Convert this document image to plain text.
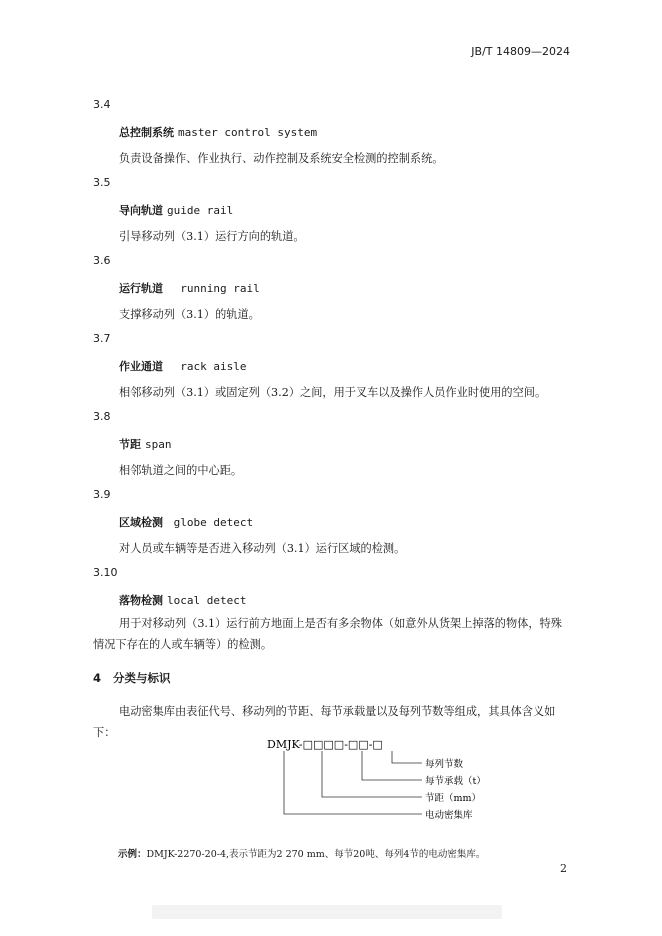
JB/T 14809—2024
3.4
总控制系统 master control system
负责设备操作、作业执行、动作控制及系统安全检测的控制系统。
3.5
导向轨道 guide rail
引导移动列（3.1）运行方向的轨道。
3.6
运行轨道  running rail
支撑移动列（3.1）的轨道。
3.7
作业通道  rack aisle
相邻移动列（3.1）或固定列（3.2）之间，用于叉车以及操作人员作业时使用的空间。
3.8
节距 span
相邻轨道之间的中心距。
3.9
区域检测 globe detect
对人员或车辆等是否进入移动列（3.1）运行区域的检测。
3.10
落物检测 local detect
用于对移动列（3.1）运行前方地面上是否有多余物体（如意外从货架上掉落的物体，特殊情况下存在的人或车辆等）的检测。
4   分类与标识
电动密集库由表征代号、移动列的节距、每节承载量以及每列节数等组成，其具体含义如下：
DMJK-□□□□-□□-□
每列节数
每节承载（t）
节距（mm）
电动密集库
示例：DMJK-2270-20-4,表示节距为2 270 mm、每节20吨、每列4节的电动密集库。
2
